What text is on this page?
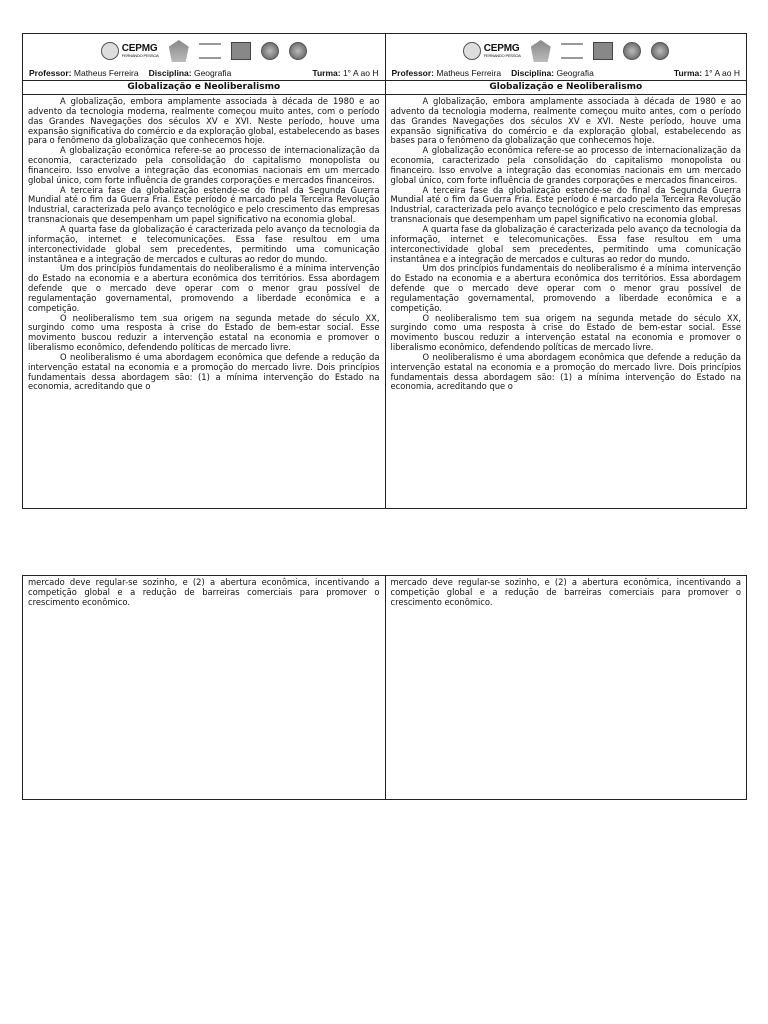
CEPMG
FERNANDO PESSOA
Professor: Matheus Ferreira Disciplina: Geografia	Turma: 1° A ao H
Globalização e Neoliberalismo

A globalização, embora amplamente associada à década de 1980 e ao advento da tecnologia moderna, realmente começou muito antes, com o período das Grandes Navegações dos séculos XV e XVI. Neste período, houve uma expansão significativa do comércio e da exploração global, estabelecendo as bases para o fenômeno da globalização que conhecemos hoje.

A globalização econômica refere-se ao processo de internacionalização da economia, caracterizado pela consolidação do capitalismo monopolista ou financeiro. Isso envolve a integração das economias nacionais em um mercado global único, com forte influência de grandes corporações e mercados financeiros.

A terceira fase da globalização estende-se do final da Segunda Guerra Mundial até o fim da Guerra Fria. Este período é marcado pela Terceira Revolução Industrial, caracterizada pelo avanço tecnológico e pelo crescimento das empresas transnacionais que desempenham um papel significativo na economia global.

A quarta fase da globalização é caracterizada pelo avanço da tecnologia da informação, internet e telecomunicações. Essa fase resultou em uma interconectividade global sem precedentes, permitindo uma comunicação instantânea e a integração de mercados e culturas ao redor do mundo.

Um dos princípios fundamentais do neoliberalismo é a mínima intervenção do Estado na economia e a abertura econômica dos territórios. Essa abordagem defende que o mercado deve operar com o menor grau possível de regulamentação governamental, promovendo a liberdade econômica e a competição.

O neoliberalismo tem sua origem na segunda metade do século XX, surgindo como uma resposta à crise do Estado de bem-estar social. Esse movimento buscou reduzir a intervenção estatal na economia e promover o liberalismo econômico, defendendo políticas de mercado livre.

O neoliberalismo é uma abordagem econômica que defende a redução da intervenção estatal na economia e a promoção do mercado livre. Dois princípios fundamentais dessa abordagem são: (1) a mínima intervenção do Estado na economia, acreditando que o

CEPMG
FERNANDO PESSOA
Professor: Matheus Ferreira Disciplina: Geografia	Turma: 1° A ao H
Globalização e Neoliberalismo

A globalização, embora amplamente associada à década de 1980 e ao advento da tecnologia moderna, realmente começou muito antes, com o período das Grandes Navegações dos séculos XV e XVI. Neste período, houve uma expansão significativa do comércio e da exploração global, estabelecendo as bases para o fenômeno da globalização que conhecemos hoje.

A globalização econômica refere-se ao processo de internacionalização da economia, caracterizado pela consolidação do capitalismo monopolista ou financeiro. Isso envolve a integração das economias nacionais em um mercado global único, com forte influência de grandes corporações e mercados financeiros.

A terceira fase da globalização estende-se do final da Segunda Guerra Mundial até o fim da Guerra Fria. Este período é marcado pela Terceira Revolução Industrial, caracterizada pelo avanço tecnológico e pelo crescimento das empresas transnacionais que desempenham um papel significativo na economia global.

A quarta fase da globalização é caracterizada pelo avanço da tecnologia da informação, internet e telecomunicações. Essa fase resultou em uma interconectividade global sem precedentes, permitindo uma comunicação instantânea e a integração de mercados e culturas ao redor do mundo.

Um dos princípios fundamentais do neoliberalismo é a mínima intervenção do Estado na economia e a abertura econômica dos territórios. Essa abordagem defende que o mercado deve operar com o menor grau possível de regulamentação governamental, promovendo a liberdade econômica e a competição.

O neoliberalismo tem sua origem na segunda metade do século XX, surgindo como uma resposta à crise do Estado de bem-estar social. Esse movimento buscou reduzir a intervenção estatal na economia e promover o liberalismo econômico, defendendo políticas de mercado livre.

O neoliberalismo é uma abordagem econômica que defende a redução da intervenção estatal na economia e a promoção do mercado livre. Dois princípios fundamentais dessa abordagem são: (1) a mínima intervenção do Estado na economia, acreditando que o

mercado deve regular-se sozinho, e (2) a abertura econômica, incentivando a competição global e a redução de barreiras comerciais para promover o crescimento econômico.

mercado deve regular-se sozinho, e (2) a abertura econômica, incentivando a competição global e a redução de barreiras comerciais para promover o crescimento econômico.
